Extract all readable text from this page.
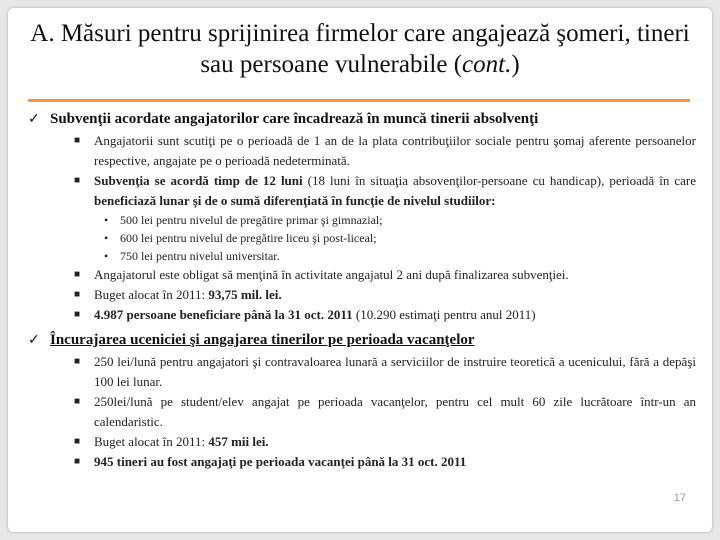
A. Măsuri pentru sprijinirea firmelor care angajează şomeri, tineri sau persoane vulnerabile (cont.)
✓ Subvenţii acordate angajatorilor care încadrează în muncă tinerii absolvenţi
■ Angajatorii sunt scutiţi pe o perioadă de 1 an de la plata contribuţiilor sociale pentru şomaj aferente persoanelor respective, angajate pe o perioadă nedeterminată.
■ Subvenţia se acordă timp de 12 luni (18 luni în situaţia absovenţilor-persoane cu handicap), perioadă în care beneficiază lunar şi de o sumă diferenţiată în funcţie de nivelul studiilor:
• 500 lei pentru nivelul de pregătire primar şi gimnazial;
• 600 lei pentru nivelul de pregătire liceu şi post-liceal;
• 750 lei pentru nivelul universitar.
■ Angajatorul este obligat să menţină în activitate angajatul 2 ani după finalizarea subvenţiei.
■ Buget alocat în 2011: 93,75 mil. lei.
■ 4.987 persoane beneficiare până la 31 oct. 2011 (10.290 estimaţi pentru anul 2011)
✓ Încurajarea uceniciei şi angajarea tinerilor pe perioada vacanţelor
■ 250 lei/lună pentru angajatori şi contravaloarea lunară a serviciilor de instruire teoretică a ucenicului, fără a depăşi 100 lei lunar.
■ 250lei/lună pe student/elev angajat pe perioada vacanţelor, pentru cel mult 60 zile lucrătoare într-un an calendaristic.
■ Buget alocat în 2011: 457 mii lei.
■ 945 tineri au fost angajaţi pe perioada vacanţei până la 31 oct. 2011
17
